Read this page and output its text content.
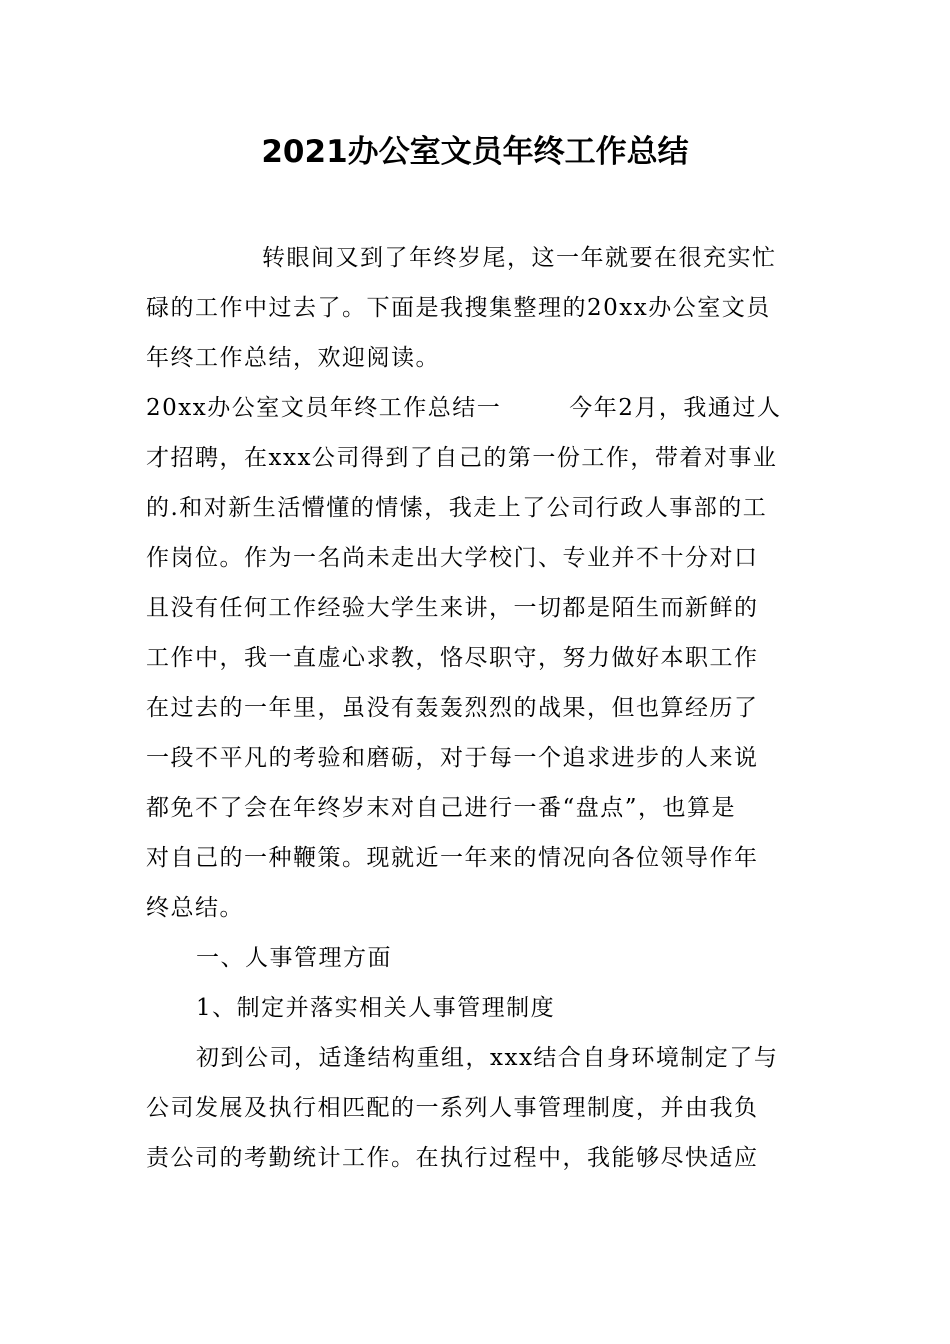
2021办公室文员年终工作总结
转眼间又到了年终岁尾，这一年就要在很充实忙
碌的工作中过去了。下面是我搜集整理的20xx办公室文员
年终工作总结，欢迎阅读。
20xx办公室文员年终工作总结一	今年2月，我通过人
才招聘，在xxx公司得到了自己的第一份工作，带着对事业
的.和对新生活懵懂的情愫，我走上了公司行政人事部的工
作岗位。作为一名尚未走出大学校门、专业并不十分对口
且没有任何工作经验大学生来讲，一切都是陌生而新鲜的
工作中，我一直虚心求教，恪尽职守，努力做好本职工作
在过去的一年里，虽没有轰轰烈烈的战果，但也算经历了
一段不平凡的考验和磨砺，对于每一个追求进步的人来说
都免不了会在年终岁末对自己进行一番“盘点”，也算是
对自己的一种鞭策。现就近一年来的情况向各位领导作年
终总结。
一、人事管理方面
1、制定并落实相关人事管理制度
初到公司，适逢结构重组，xxx结合自身环境制定了与
公司发展及执行相匹配的一系列人事管理制度，并由我负
责公司的考勤统计工作。在执行过程中，我能够尽快适应
